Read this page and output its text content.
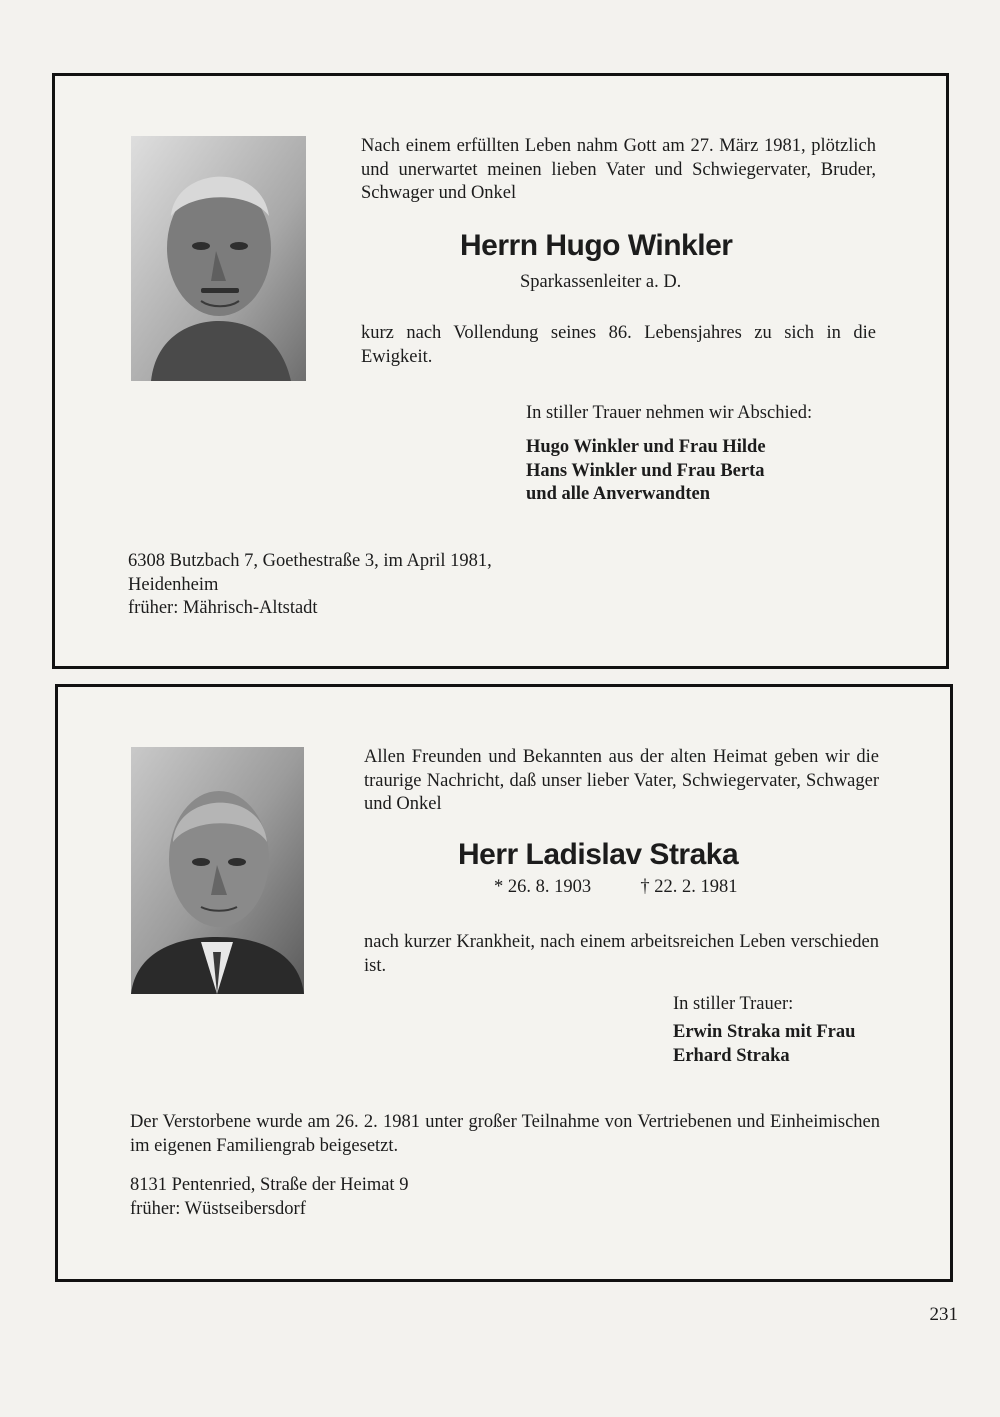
Nach einem erfüllten Leben nahm Gott am 27. März 1981, plötzlich und unerwartet meinen lieben Vater und Schwiegervater, Bruder, Schwager und Onkel

Herrn Hugo Winkler
Sparkassenleiter a. D.

kurz nach Vollendung seines 86. Lebensjahres zu sich in die Ewigkeit.

In stiller Trauer nehmen wir Abschied:
Hugo Winkler und Frau Hilde
Hans Winkler und Frau Berta
und alle Anverwandten
6308 Butzbach 7, Goethestraße 3, im April 1981,
Heidenheim
früher: Mährisch-Altstadt

Allen Freunden und Bekannten aus der alten Heimat geben wir die traurige Nachricht, daß unser lieber Vater, Schwiegervater, Schwager und Onkel

Herr Ladislav Straka
* 26. 8. 1903	† 22. 2. 1981

nach kurzer Krankheit, nach einem arbeitsreichen Leben verschieden ist.

In stiller Trauer:
Erwin Straka mit Frau
Erhard Straka

Der Verstorbene wurde am 26. 2. 1981 unter großer Teilnahme von Vertriebenen und Einheimischen im eigenen Familiengrab beigesetzt.

8131 Pentenried, Straße der Heimat 9
früher: Wüstseibersdorf
231
